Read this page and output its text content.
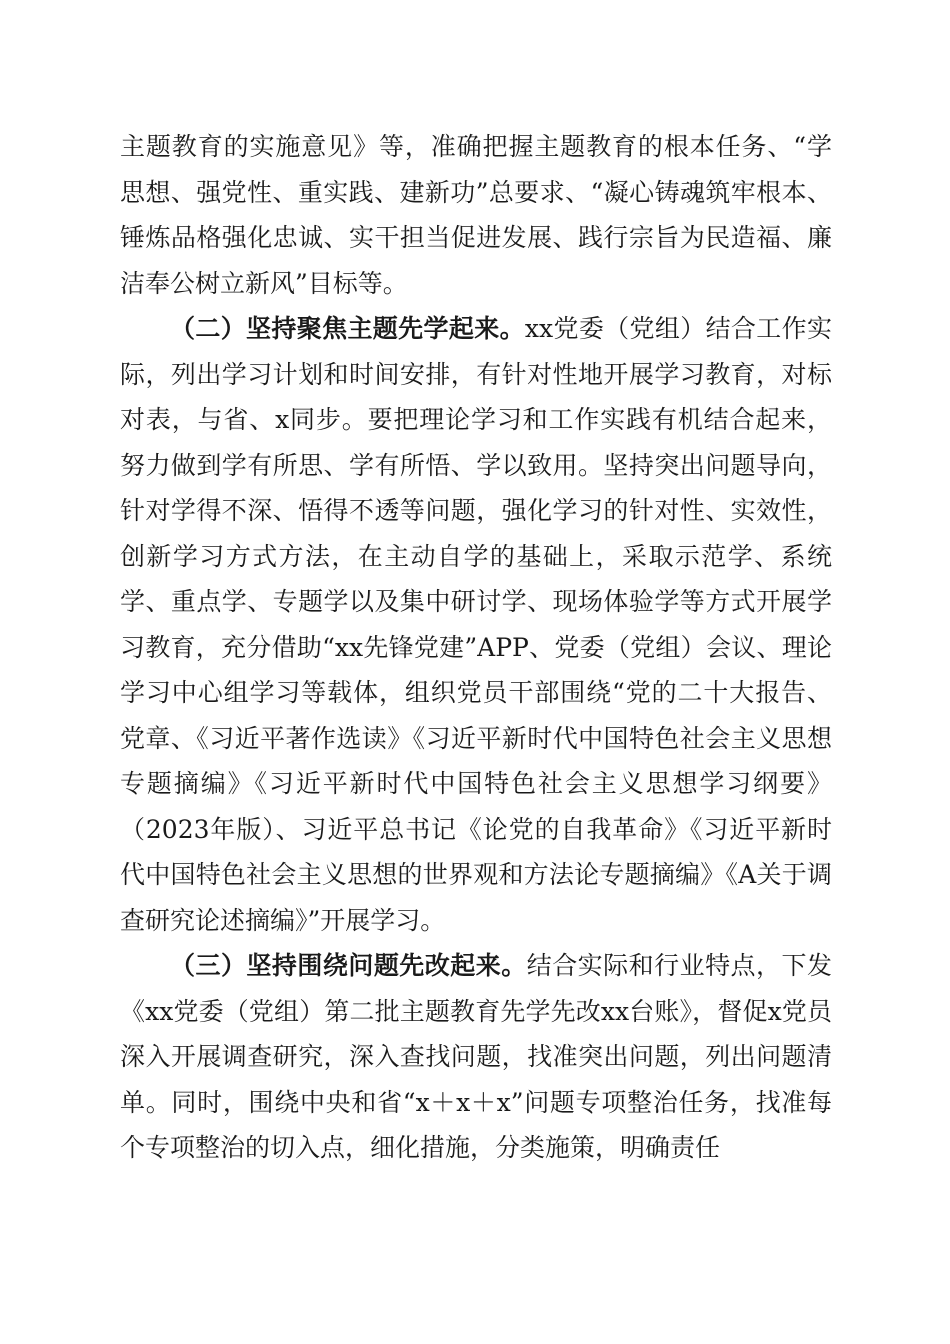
主题教育的实施意见》等，准确把握主题教育的根本任务、“学思想、强党性、重实践、建新功”总要求、“凝心铸魂筑牢根本、锤炼品格强化忠诚、实干担当促进发展、践行宗旨为民造福、廉洁奉公树立新风”目标等。

（二）坚持聚焦主题先学起来。xx党委（党组）结合工作实际，列出学习计划和时间安排，有针对性地开展学习教育，对标对表，与省、x同步。要把理论学习和工作实践有机结合起来，努力做到学有所思、学有所悟、学以致用。坚持突出问题导向，针对学得不深、悟得不透等问题，强化学习的针对性、实效性，创新学习方式方法，在主动自学的基础上，采取示范学、系统学、重点学、专题学以及集中研讨学、现场体验学等方式开展学习教育，充分借助“xx先锋党建”APP、党委（党组）会议、理论学习中心组学习等载体，组织党员干部围绕“党的二十大报告、党章、《习近平著作选读》《习近平新时代中国特色社会主义思想专题摘编》《习近平新时代中国特色社会主义思想学习纲要》（2023年版）、习近平总书记《论党的自我革命》《习近平新时代中国特色社会主义思想的世界观和方法论专题摘编》《A关于调查研究论述摘编》”开展学习。

（三）坚持围绕问题先改起来。结合实际和行业特点，下发《xx党委（党组）第二批主题教育先学先改xx台账》，督促x党员深入开展调查研究，深入查找问题，找准突出问题，列出问题清单。同时，围绕中央和省“x＋x＋x”问题专项整治任务，找准每个专项整治的切入点，细化措施，分类施策，明确责任
